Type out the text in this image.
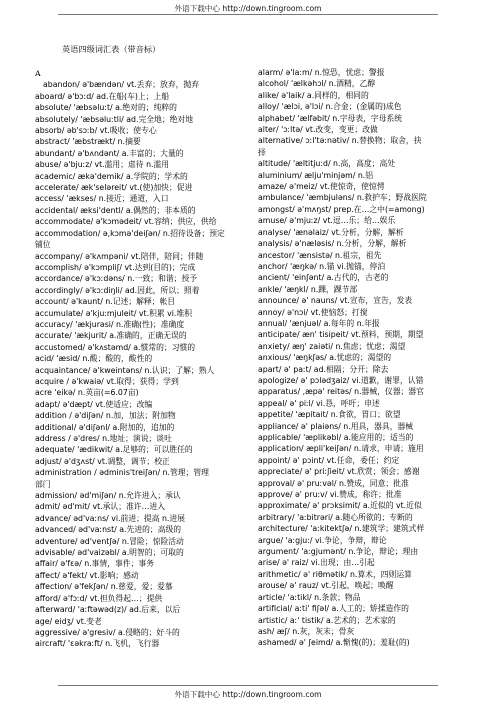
外语下载中心 http://down.tingroom.com
英语四级词汇表（带音标）
A
abandon/ ə'bændən/ vt.丢弃；放弃，抛弃
aboard/ ə'bɔːd/ ad.在船(车)上；上船
absolute/ 'æbsəluːt/ a.绝对的；纯粹的
absolutely/ 'æbsəluːtli/ ad.完全地；绝对地
absorb/ əb'sɔːb/ vt.吸收；使专心
abstract/ 'æbstrækt/ n.摘要
abundant/ ə'bʌndənt/ a.丰富的；大量的
abuse/ ə'bjuːz/ vt.滥用；虐待 n.滥用
academic/ ækə'demik/ a.学院的；学术的
accelerate/ æk'seləreit/ vt.(使)加快；促进
access/ 'ækses/ n.接近；通道，入口
accidental/ æksi'dentl/ a.偶然的；非本质的
accommodate/ ə'kɔmədeit/ vt.容纳；供应，供给
accommodation/ ə,kɔmə'deiʃən/ n.招待设备；预定
铺位
accompany/ ə'kʌmpəni/ vt.陪伴，陪同；伴随
accomplish/ ə'kɔmpliʃ/ vt.达到(目的)；完成
accordance/ ə'kɔːdəns/ n.一致；和谐；授予
accordingly/ ə'kɔːdiŋli/ ad.因此，所以；照着
account/ ə'kaunt/ n.记述；解释；帐目
accumulate/ ə'kjuːmjuleit/ vt.积累 vi.堆积
accuracy/ 'ækjurəsi/ n.准确(性)；准确度
accurate/ 'ækjurit/ a.准确的，正确无误的
accustomed/ ə'kʌstəmd/ a.惯常的；习惯的
acid/ 'æsid/ n.酸；酸的，酸性的
acquaintance/ ə'kweintəns/ n.认识；了解；熟人
acquire / ə'kwaiə/ vt.取得；获得；学到
acre 'eikə/ n.英亩(=6.07亩)
adapt/ ə'dæpt/ vt.使适应；改编
addition / ə'diʃən/ n.加，加法；附加物
additional/ ə'diʃənl/ a.附加的，追加的
address / ə'dres/ n.地址；演说；谈吐
adequate/ 'ædikwit/ a.足够的；可以胜任的
adjust/ ə'dʒʌst/ vt.调整，调节；校正
administration / ədminis'treiʃən/ n.管理；管理
部门
admission/ əd'miʃən/ n.允许进入；承认
admit/ əd'mit/ vt.承认；准许…进入
advance/ əd'vaːns/ vi.前进；提高 n.进展
advanced/ əd'vaːnst/ a.先进的；高级的
adventure/ əd'ventʃə/ n.冒险；惊险活动
advisable/ əd'vaizəbl/ a.明智的；可取的
affair/ ə'fɛə/ n.事情，事件；事务
affect/ ə'fekt/ vt.影响；感动
affection/ ə'fekʃən/ n.慈爱，爱；爱慕
afford/ ə'fɔːd/ vt.担负得起…；提供
afterward/ 'aːftəwəd(z)/ ad.后来，以后
age/ eidʒ/ vt.变老
aggressive/ ə'gresiv/ a.侵略的；好斗的
aircraft/ 'ɛəkraːft/ n.飞机，飞行器
alarm/ ə'laːm/ n.惊恐，忧虑；警报
alcohol/ 'ælkəhɔl/ n.酒精，乙醇
alike/ ə'laik/ a.同样的，相同的
alloy/ 'ælɔi, ə'lɔi/ n.合金；(金属的)成色
alphabet/ 'ælfəbit/ n.字母表，字母系统
alter/ 'ɔːltə/ vt.改变，变更；改做
alternative/ ɔːl'təːnətiv/ n.替换物；取舍，抉
择
altitude/ 'æltitjuːd/ n.高，高度；高处
aluminium/ ælju'minjəm/ n.铝
amaze/ ə'meiz/ vt.使惊奇，使惊愕
ambulance/ 'æmbjuləns/ n.救护车；野战医院
amongst/ ə'mʌŋst/ prep.在…之中(=among)
amuse/ ə'mjuːz/ vt.逗…乐；给…娱乐
analyse/ 'ænəlaiz/ vt.分析，分解，解析
analysis/ ə'næləsis/ n.分析，分解，解析
ancestor/ 'ænsistə/ n.祖宗，祖先
anchor/ 'æŋkə/ n.锚 vi.抛锚，停泊
ancient/ 'einʃənt/ a.古代的，古老的
ankle/ 'æŋkl/ n.踝，踝节部
announce/ ə' nauns/ vt.宣布，宣告，发表
annoy/ ə'nɔi/ vt.使恼怒；打搅
annual/ 'ænjuəl/ a.每年的 n.年报
anticipate/ æn' tisipeit/ vt.预料，预期，期望
anxiety/ æŋ' zaiəti/ n.焦虑；忧虑；渴望
anxious/ 'æŋkʃəs/ a.忧虑的；渴望的
apart/ ə' paːt/ ad.相隔；分开；除去
apologize/ ə' pɔlədʒaiz/ vi.道歉，谢罪，认错
apparatus/ ,æpə' reitəs/ n.器械，仪器；器官
appeal/ ə' piːl/ vi.恳，呼吁；申述
appetite/ 'æpitait/ n.食欲，胃口；欲望
appliance/ ə' plaiəns/ n.用具，器具，器械
applicable/ 'æplikəbl/ a.能应用的；适当的
application/ æpli'keiʃən/ n.请求，申请；施用
appoint/ ə' pɔint/ vt.任命，委任；约定
appreciate/ ə' priːʃieit/ vt.欣赏；领会；感谢
approval/ ə' pruːvəl/ n.赞成，同意；批准
approve/ ə' pruːv/ vi.赞成，称许；批准
approximate/ ə' prɔksimit/ a.近似的 vt.近似
arbitrary/ 'aːbitrəri/ a.随心所欲的；专断的
architecture/ 'aːkitektʃə/ n.建筑学；建筑式样
argue/ 'aːgjuː/ vi.争论，争辩，辩论
argument/ 'aːgjumənt/ n.争论，辩论；理由
arise/ ə' raiz/ vi.出现；由…引起
arithmetic/ ə' riθmətik/ n.算术，四则运算
arouse/ ə' rauz/ vt.引起，唤起；唤醒
article/ 'aːtikl/ n.条款；物品
artificial/ aːti' fiʃəl/ a.人工的；矫揉造作的
artistic/ aː' tistik/ a.艺术的；艺术家的
ash/ æʃ/ n.灰，灰末；骨灰
ashamed/ ə' ʃeimd/ a.惭愧(的)；羞耻(的)
外语下载中心 http://down.tingroom.com
